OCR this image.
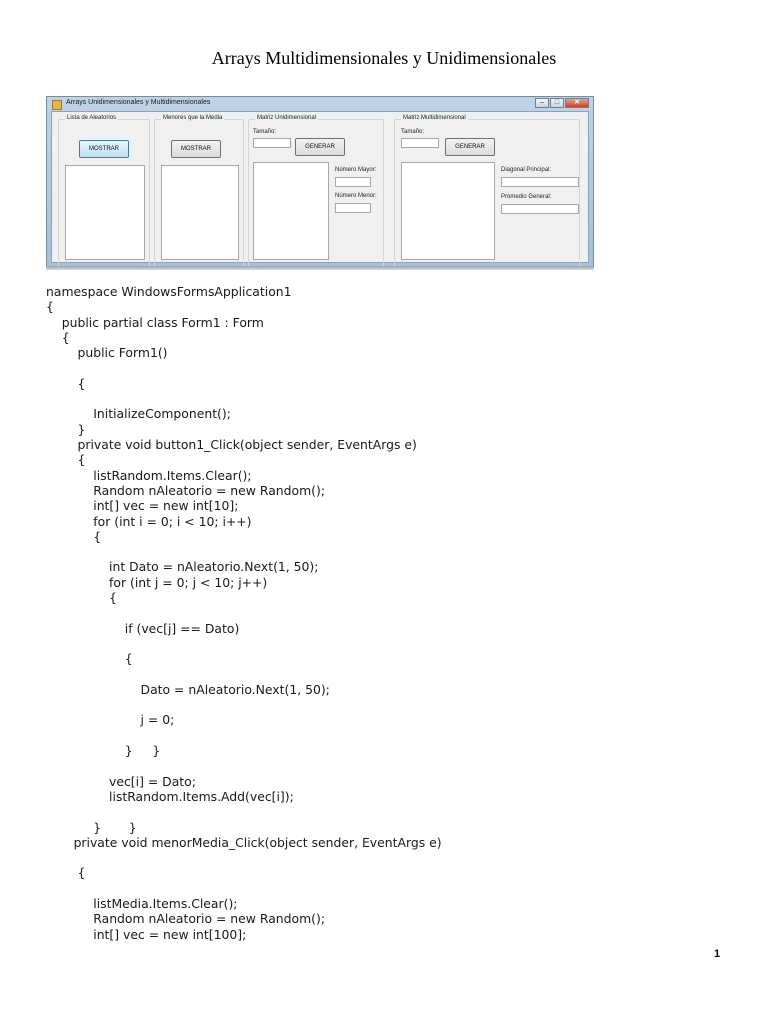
Arrays Multidimensionales y Unidimensionales
Arrays Unidimensionales y Multidimensionales	–	□	✕
Lista de Aleatorios
MOSTRAR
Menores que la Media
MOSTRAR
Matriz Unidimensional
Tamaño:
GENERAR
Número Mayor:
Número Menor:
Matriz Multidimensional
Tamaño:
GENERAR
Diagonal Principal:
Promedio General:
namespace WindowsFormsApplication1
{
public partial class Form1 : Form
{
public Form1()
{
InitializeComponent();
}
private void button1_Click(object sender, EventArgs e)
{
listRandom.Items.Clear();
Random nAleatorio = new Random();
int[] vec = new int[10];
for (int i = 0; i < 10; i++)
{
int Dato = nAleatorio.Next(1, 50);
for (int j = 0; j < 10; j++)
{
if (vec[j] == Dato)
{
Dato = nAleatorio.Next(1, 50);
j = 0;
}     }
vec[i] = Dato;
listRandom.Items.Add(vec[i]);
}       }
private void menorMedia_Click(object sender, EventArgs e)
{
listMedia.Items.Clear();
Random nAleatorio = new Random();
int[] vec = new int[100];
1
